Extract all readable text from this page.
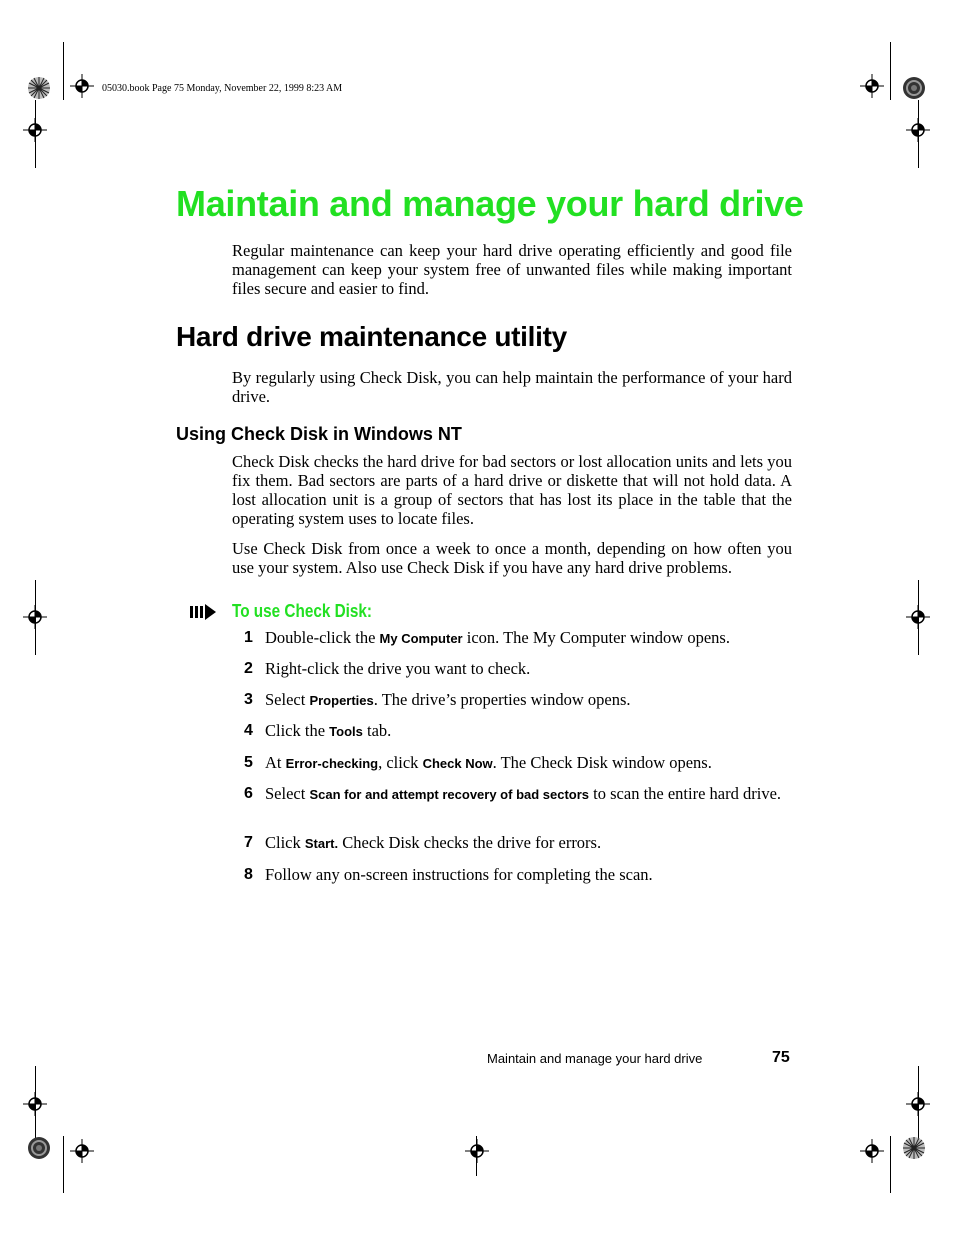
05030.book Page 75 Monday, November 22, 1999 8:23 AM
Maintain and manage your hard drive

Regular maintenance can keep your hard drive operating efficiently and good file management can keep your system free of unwanted files while making important files secure and easier to find.

Hard drive maintenance utility

By regularly using Check Disk, you can help maintain the performance of your hard drive.

Using Check Disk in Windows NT

Check Disk checks the hard drive for bad sectors or lost allocation units and lets you fix them. Bad sectors are parts of a hard drive or diskette that will not hold data. A lost allocation unit is a group of sectors that has lost its place in the table that the operating system uses to locate files.

Use Check Disk from once a week to once a month, depending on how often you use your system. Also use Check Disk if you have any hard drive problems.

To use Check Disk:
1 Double-click the My Computer icon. The My Computer window opens.
2 Right-click the drive you want to check.
3 Select Properties. The drive’s properties window opens.
4 Click the Tools tab.
5 At Error-checking, click Check Now. The Check Disk window opens.
6 Select Scan for and attempt recovery of bad sectors to scan the entire hard drive.
7 Click Start. Check Disk checks the drive for errors.
8 Follow any on-screen instructions for completing the scan.
Maintain and manage your hard drive	75
